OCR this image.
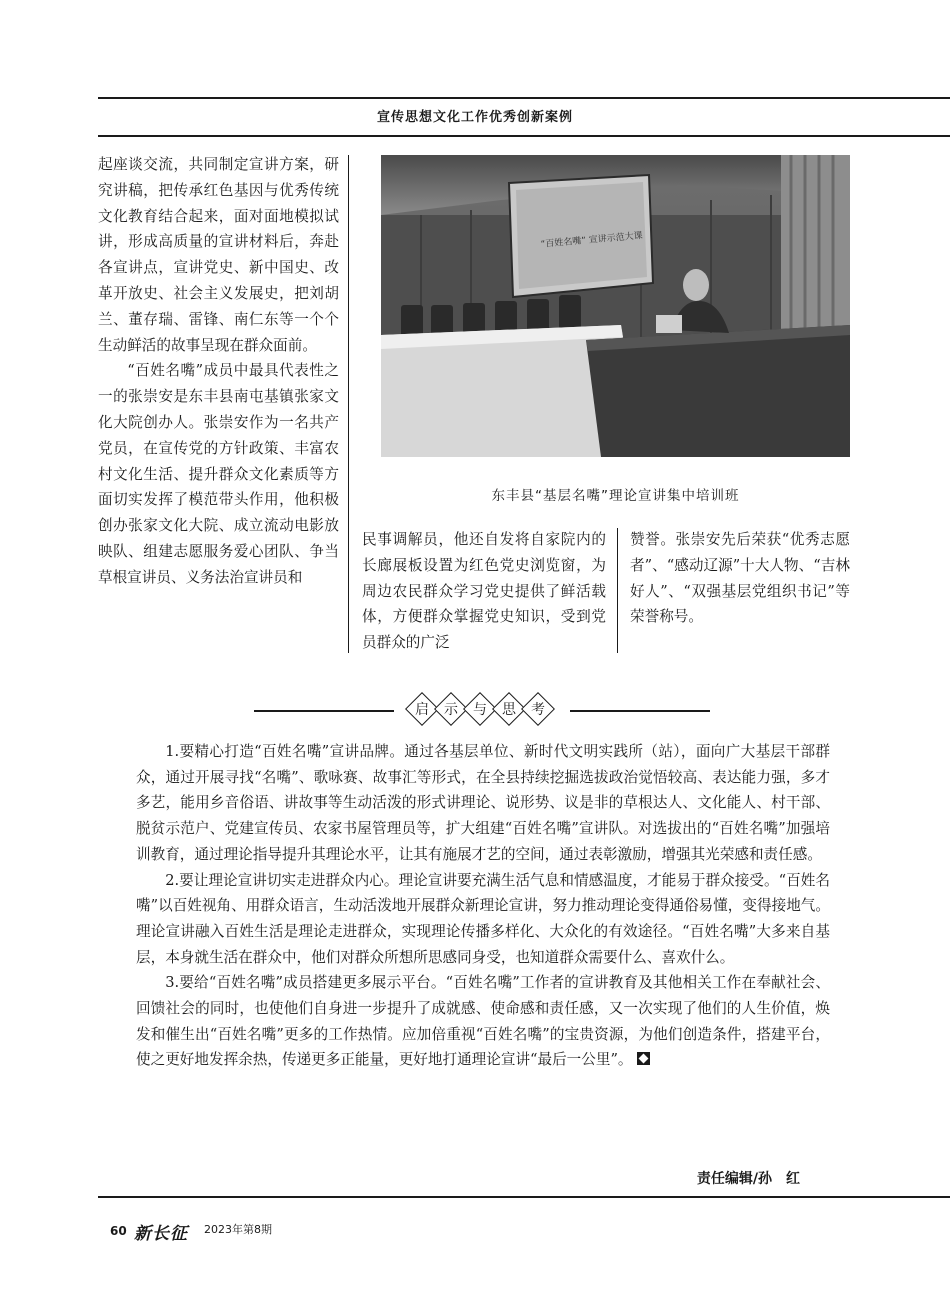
宣传思想文化工作优秀创新案例

起座谈交流，共同制定宣讲方案，研究讲稿，把传承红色基因与优秀传统文化教育结合起来，面对面地模拟试讲，形成高质量的宣讲材料后，奔赴各宣讲点，宣讲党史、新中国史、改革开放史、社会主义发展史，把刘胡兰、董存瑞、雷锋、南仁东等一个个生动鲜活的故事呈现在群众面前。

“百姓名嘴”成员中最具代表性之一的张崇安是东丰县南屯基镇张家文化大院创办人。张崇安作为一名共产党员，在宣传党的方针政策、丰富农村文化生活、提升群众文化素质等方面切实发挥了模范带头作用，他积极创办张家文化大院、成立流动电影放映队、组建志愿服务爱心团队、争当草根宣讲员、义务法治宣讲员和

“百姓名嘴” 宣讲示范大课
东丰县“基层名嘴”理论宣讲集中培训班

民事调解员，他还自发将自家院内的长廊展板设置为红色党史浏览窗，为周边农民群众学习党史提供了鲜活载体，方便群众掌握党史知识，受到党员群众的广泛

赞誉。张崇安先后荣获“优秀志愿者”、“感动辽源”十大人物、“吉林好人”、“双强基层党组织书记”等荣誉称号。

启 示 与 思 考

1.要精心打造“百姓名嘴”宣讲品牌。通过各基层单位、新时代文明实践所（站），面向广大基层干部群众，通过开展寻找“名嘴”、歌咏赛、故事汇等形式，在全县持续挖掘选拔政治觉悟较高、表达能力强，多才多艺，能用乡音俗语、讲故事等生动活泼的形式讲理论、说形势、议是非的草根达人、文化能人、村干部、脱贫示范户、党建宣传员、农家书屋管理员等，扩大组建“百姓名嘴”宣讲队。对选拔出的“百姓名嘴”加强培训教育，通过理论指导提升其理论水平，让其有施展才艺的空间，通过表彰激励，增强其光荣感和责任感。

2.要让理论宣讲切实走进群众内心。理论宣讲要充满生活气息和情感温度，才能易于群众接受。“百姓名嘴”以百姓视角、用群众语言，生动活泼地开展群众新理论宣讲，努力推动理论变得通俗易懂，变得接地气。理论宣讲融入百姓生活是理论走进群众，实现理论传播多样化、大众化的有效途径。“百姓名嘴”大多来自基层，本身就生活在群众中，他们对群众所想所思感同身受，也知道群众需要什么、喜欢什么。

3.要给“百姓名嘴”成员搭建更多展示平台。“百姓名嘴”工作者的宣讲教育及其他相关工作在奉献社会、回馈社会的同时，也使他们自身进一步提升了成就感、使命感和责任感，又一次实现了他们的人生价值，焕发和催生出“百姓名嘴”更多的工作热情。应加倍重视“百姓名嘴”的宝贵资源，为他们创造条件，搭建平台，使之更好地发挥余热，传递更多正能量，更好地打通理论宣讲“最后一公里”。

责任编辑/孙　红
60 新长征 2023年第8期
